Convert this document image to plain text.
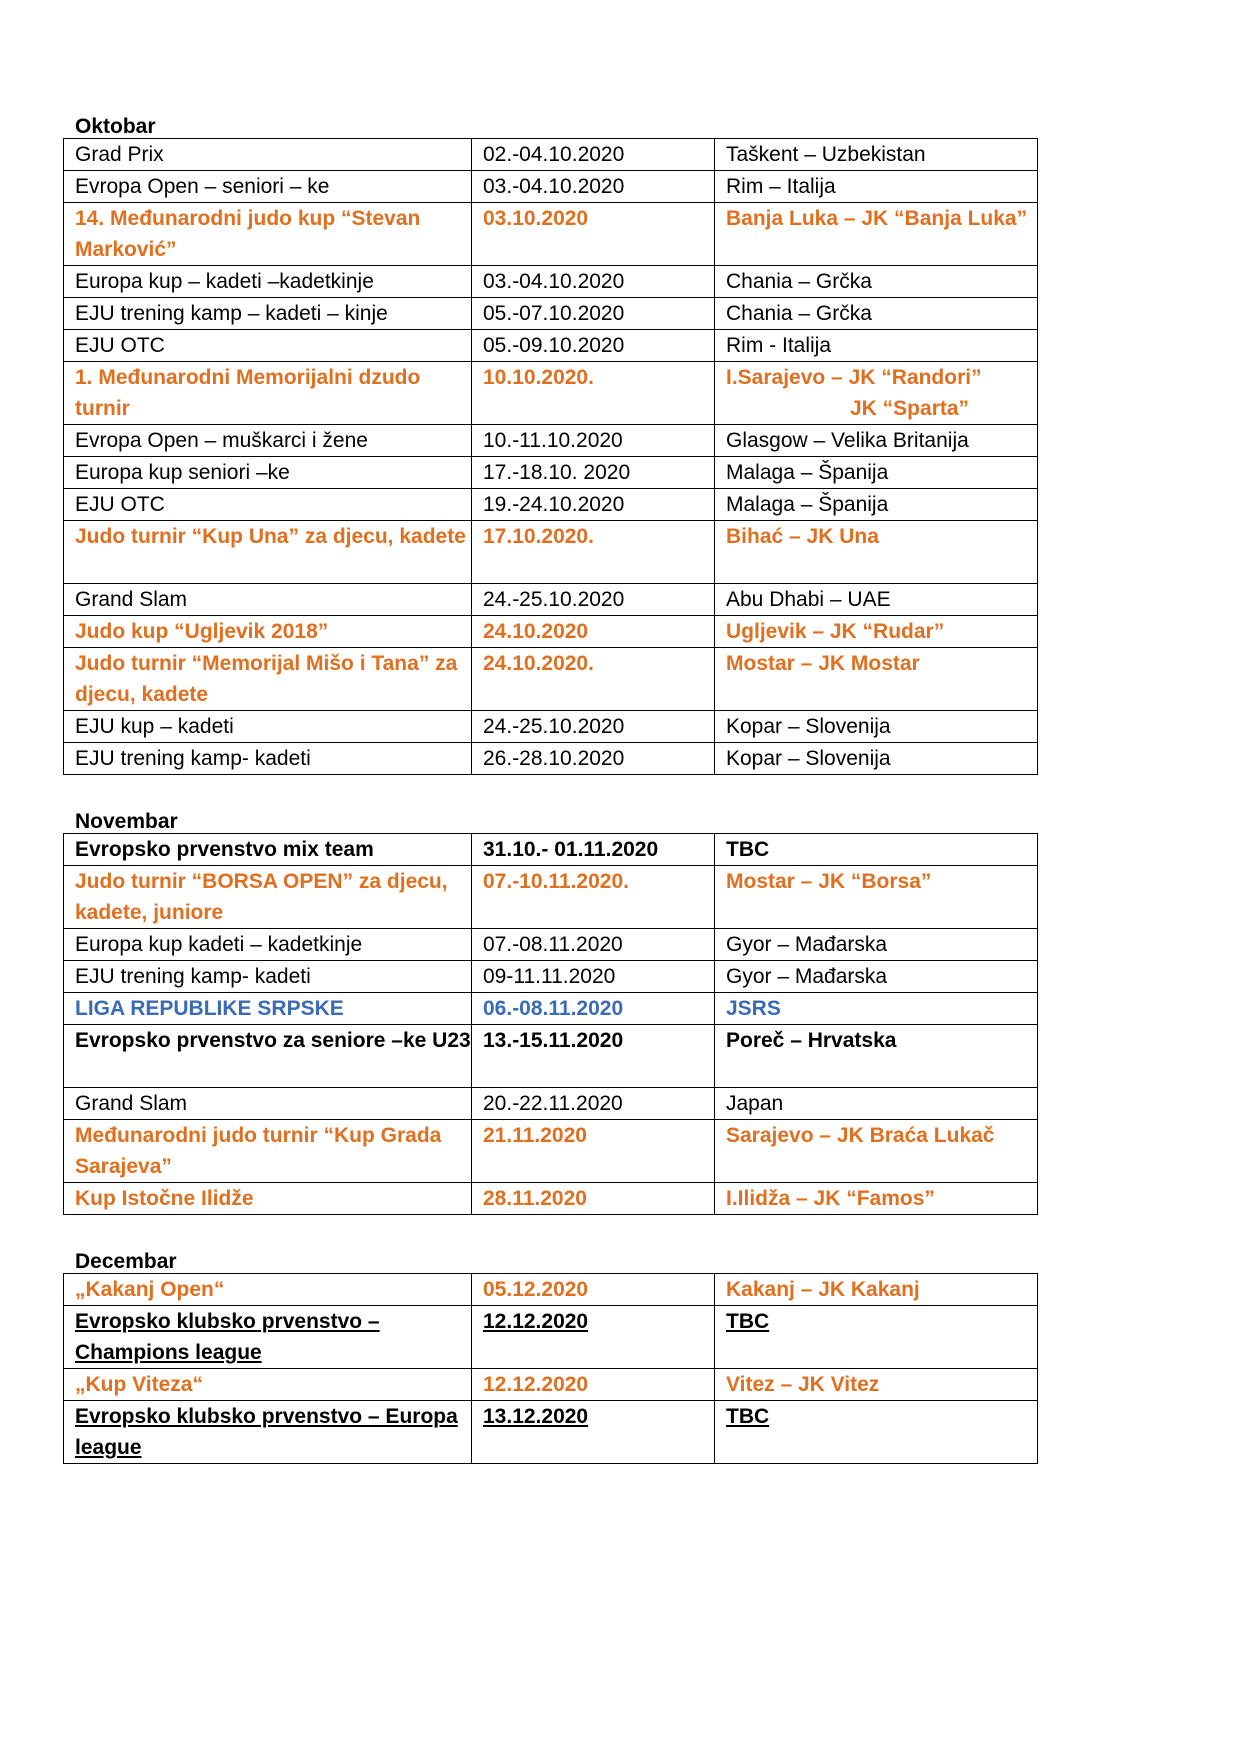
Oktobar
Grad Prix	02.-04.10.2020	Taškent – Uzbekistan
Evropa Open – seniori – ke	03.-04.10.2020	Rim – Italija
14. Međunarodni judo kup “Stevan Marković”	03.10.2020	Banja Luka – JK “Banja Luka”
Europa kup – kadeti –kadetkinje	03.-04.10.2020	Chania – Grčka
EJU trening kamp – kadeti – kinje	05.-07.10.2020	Chania – Grčka
EJU OTC	05.-09.10.2020	Rim - Italija
1. Međunarodni Memorijalni dzudo turnir	10.10.2020.	I.Sarajevo – JK “Randori”
JK “Sparta”
Evropa Open – muškarci i žene	10.-11.10.2020	Glasgow – Velika Britanija
Europa kup seniori –ke	17.-18.10. 2020	Malaga – Španija
EJU OTC	19.-24.10.2020	Malaga – Španija
Judo turnir “Kup Una” za djecu, kadete	17.10.2020.	Bihać – JK Una
Grand Slam	24.-25.10.2020	Abu Dhabi – UAE
Judo kup “Ugljevik 2018”	24.10.2020	Ugljevik – JK “Rudar”
Judo turnir “Memorijal Mišo i Tana” za djecu, kadete	24.10.2020.	Mostar – JK Mostar
EJU kup – kadeti	24.-25.10.2020	Kopar – Slovenija
EJU trening kamp- kadeti	26.-28.10.2020	Kopar – Slovenija
Novembar
Evropsko prvenstvo mix team	31.10.- 01.11.2020	TBC
Judo turnir “BORSA OPEN” za djecu, kadete, juniore	07.-10.11.2020.	Mostar – JK “Borsa”
Europa kup kadeti – kadetkinje	07.-08.11.2020	Gyor – Mađarska
EJU trening kamp- kadeti	09-11.11.2020	Gyor – Mađarska
LIGA REPUBLIKE SRPSKE	06.-08.11.2020	JSRS
Evropsko prvenstvo za seniore –ke U23	13.-15.11.2020	Poreč – Hrvatska
Grand Slam	20.-22.11.2020	Japan
Međunarodni judo turnir “Kup Grada Sarajeva”	21.11.2020	Sarajevo – JK Braća Lukač
Kup Istočne Ilidže	28.11.2020	I.Ilidža – JK “Famos”
Decembar
„Kakanj Open“	05.12.2020	Kakanj – JK Kakanj
Evropsko klubsko prvenstvo – Champions league	12.12.2020	TBC
„Kup Viteza“	12.12.2020	Vitez – JK Vitez
Evropsko klubsko prvenstvo – Europa league	13.12.2020	TBC
